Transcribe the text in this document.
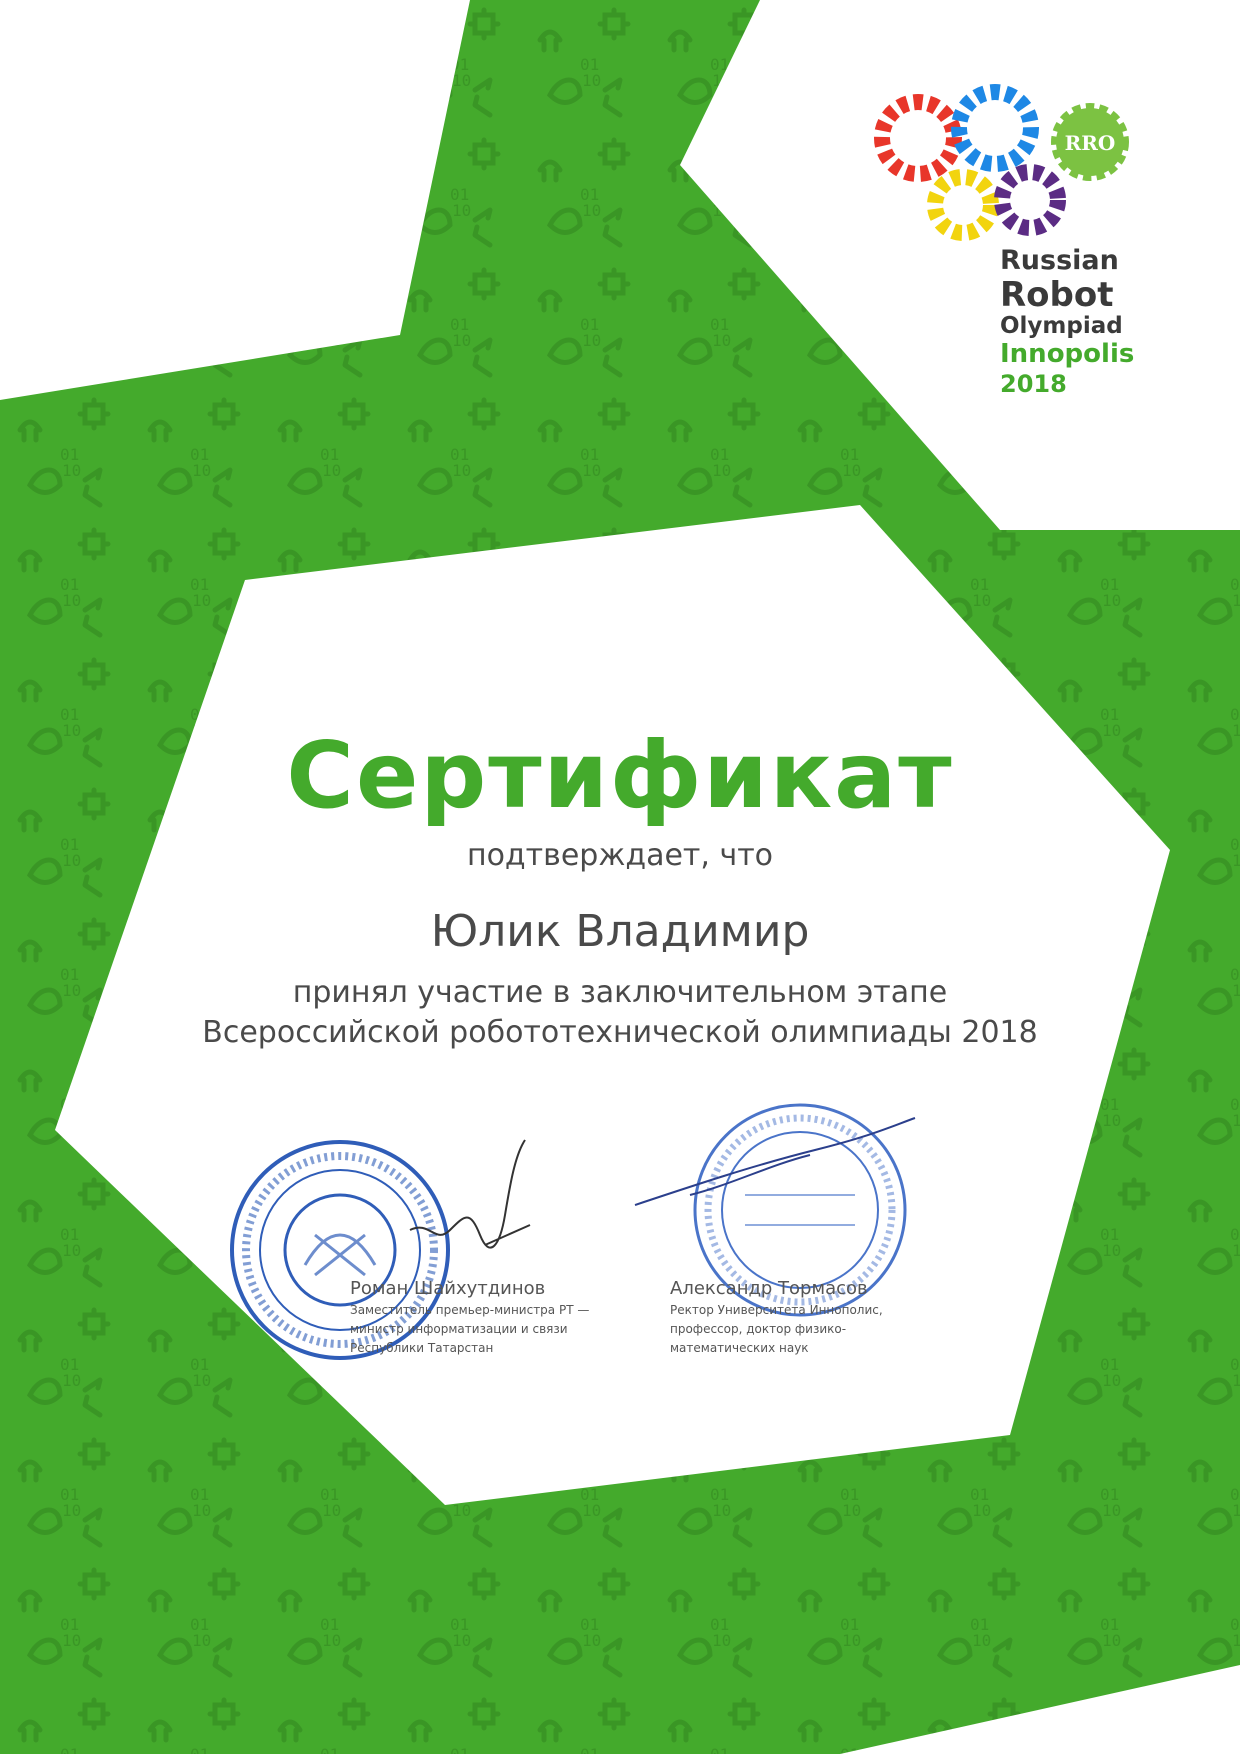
RRO
Russian
Robot
Olympiad
Innopolis
2018
Сертификат
подтверждает, что
Юлик Владимир
принял участие в заключительном этапе
Всероссийской робототехнической олимпиады 2018
Роман Шайхутдинов
Заместитель премьер-министра РТ —
министр информатизации и связи
Республики Татарстан
Александр Тормасов
Ректор Университета Иннополис,
профессор, доктор физико-
математических наук
